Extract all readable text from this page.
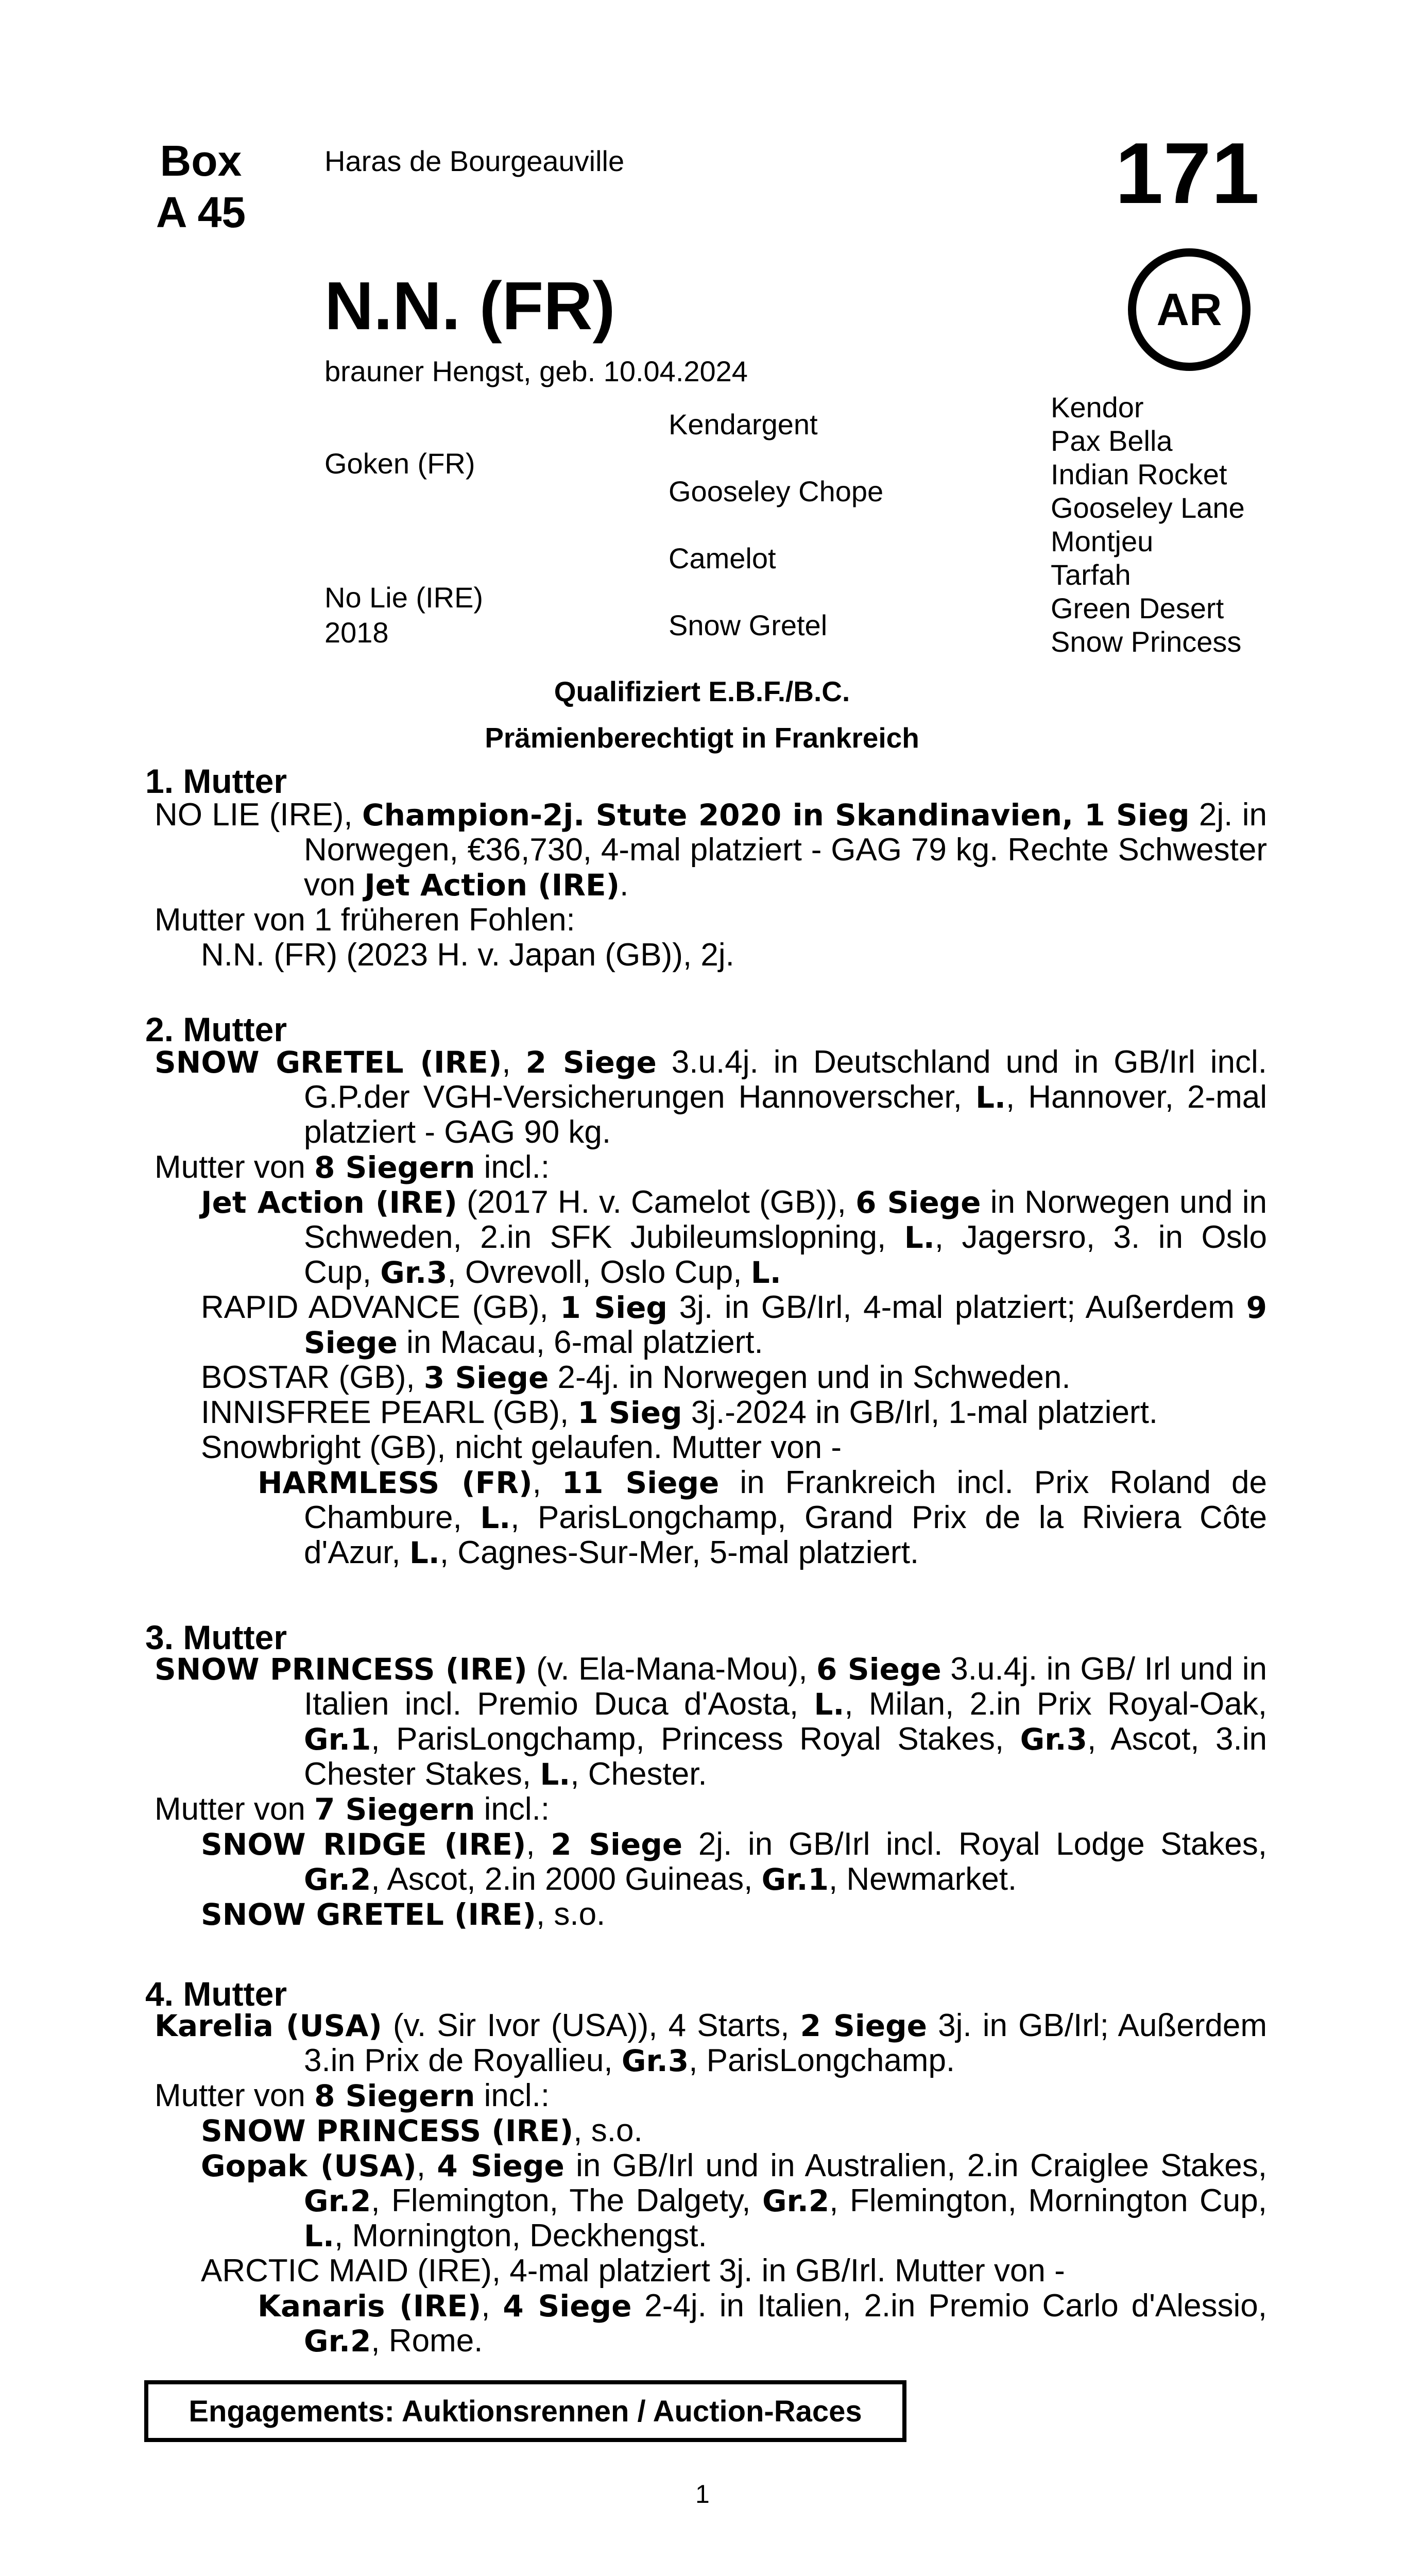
Box
A 45
Haras de Bourgeauville	171
AR
N.N. (FR)
brauner Hengst, geb. 10.04.2024
Goken (FR)
No Lie (IRE)
2018
Kendargent
Gooseley Chope
Camelot
Snow Gretel
Kendor
Pax Bella
Indian Rocket
Gooseley Lane
Montjeu
Tarfah
Green Desert
Snow Princess
Qualifiziert E.B.F./B.C.
Prämienberechtigt in Frankreich
1. Mutter

NO LIE (IRE), Champion-2j. Stute 2020 in Skandinavien, 1 Sieg 2j. in Norwegen, €36,730, 4-mal platziert - GAG 79 kg. Rechte Schwester von Jet Action (IRE).

Mutter von 1 früheren Fohlen:

N.N. (FR) (2023 H. v. Japan (GB)), 2j.

2. Mutter

SNOW GRETEL (IRE), 2 Siege 3.u.4j. in Deutschland und in GB/Irl incl. G.P.der VGH-Versicherungen Hannoverscher, L., Hannover, 2-mal platziert - GAG 90 kg.

Mutter von 8 Siegern incl.:

Jet Action (IRE) (2017 H. v. Camelot (GB)), 6 Siege in Norwegen und in Schweden, 2.in SFK Jubileumslopning, L., Jagersro, 3. in Oslo Cup, Gr.3, Ovrevoll, Oslo Cup, L.

RAPID ADVANCE (GB), 1 Sieg 3j. in GB/Irl, 4-mal platziert; Außerdem 9 Siege in Macau, 6-mal platziert.

BOSTAR (GB), 3 Siege 2-4j. in Norwegen und in Schweden.

INNISFREE PEARL (GB), 1 Sieg 3j.-2024 in GB/Irl, 1-mal platziert.

Snowbright (GB), nicht gelaufen. Mutter von -

HARMLESS (FR), 11 Siege in Frankreich incl. Prix Roland de Chambure, L., ParisLongchamp, Grand Prix de la Riviera Côte d'Azur, L., Cagnes-Sur-Mer, 5-mal platziert.

3. Mutter

SNOW PRINCESS (IRE) (v. Ela-Mana-Mou), 6 Siege 3.u.4j. in GB/ Irl und in Italien incl. Premio Duca d'Aosta, L., Milan, 2.in Prix Royal-Oak, Gr.1, ParisLongchamp, Princess Royal Stakes, Gr.3, Ascot, 3.in Chester Stakes, L., Chester.

Mutter von 7 Siegern incl.:

SNOW RIDGE (IRE), 2 Siege 2j. in GB/Irl incl. Royal Lodge Stakes, Gr.2, Ascot, 2.in 2000 Guineas, Gr.1, Newmarket.

SNOW GRETEL (IRE), s.o.

4. Mutter

Karelia (USA) (v. Sir Ivor (USA)), 4 Starts, 2 Siege 3j. in GB/Irl; Außerdem 3.in Prix de Royallieu, Gr.3, ParisLongchamp.

Mutter von 8 Siegern incl.:

SNOW PRINCESS (IRE), s.o.

Gopak (USA), 4 Siege in GB/Irl und in Australien, 2.in Craiglee Stakes, Gr.2, Flemington, The Dalgety, Gr.2, Flemington, Mornington Cup, L., Mornington, Deckhengst.

ARCTIC MAID (IRE), 4-mal platziert 3j. in GB/Irl. Mutter von -

Kanaris (IRE), 4 Siege 2-4j. in Italien, 2.in Premio Carlo d'Alessio, Gr.2, Rome.

Engagements: Auktionsrennen / Auction-Races
1
